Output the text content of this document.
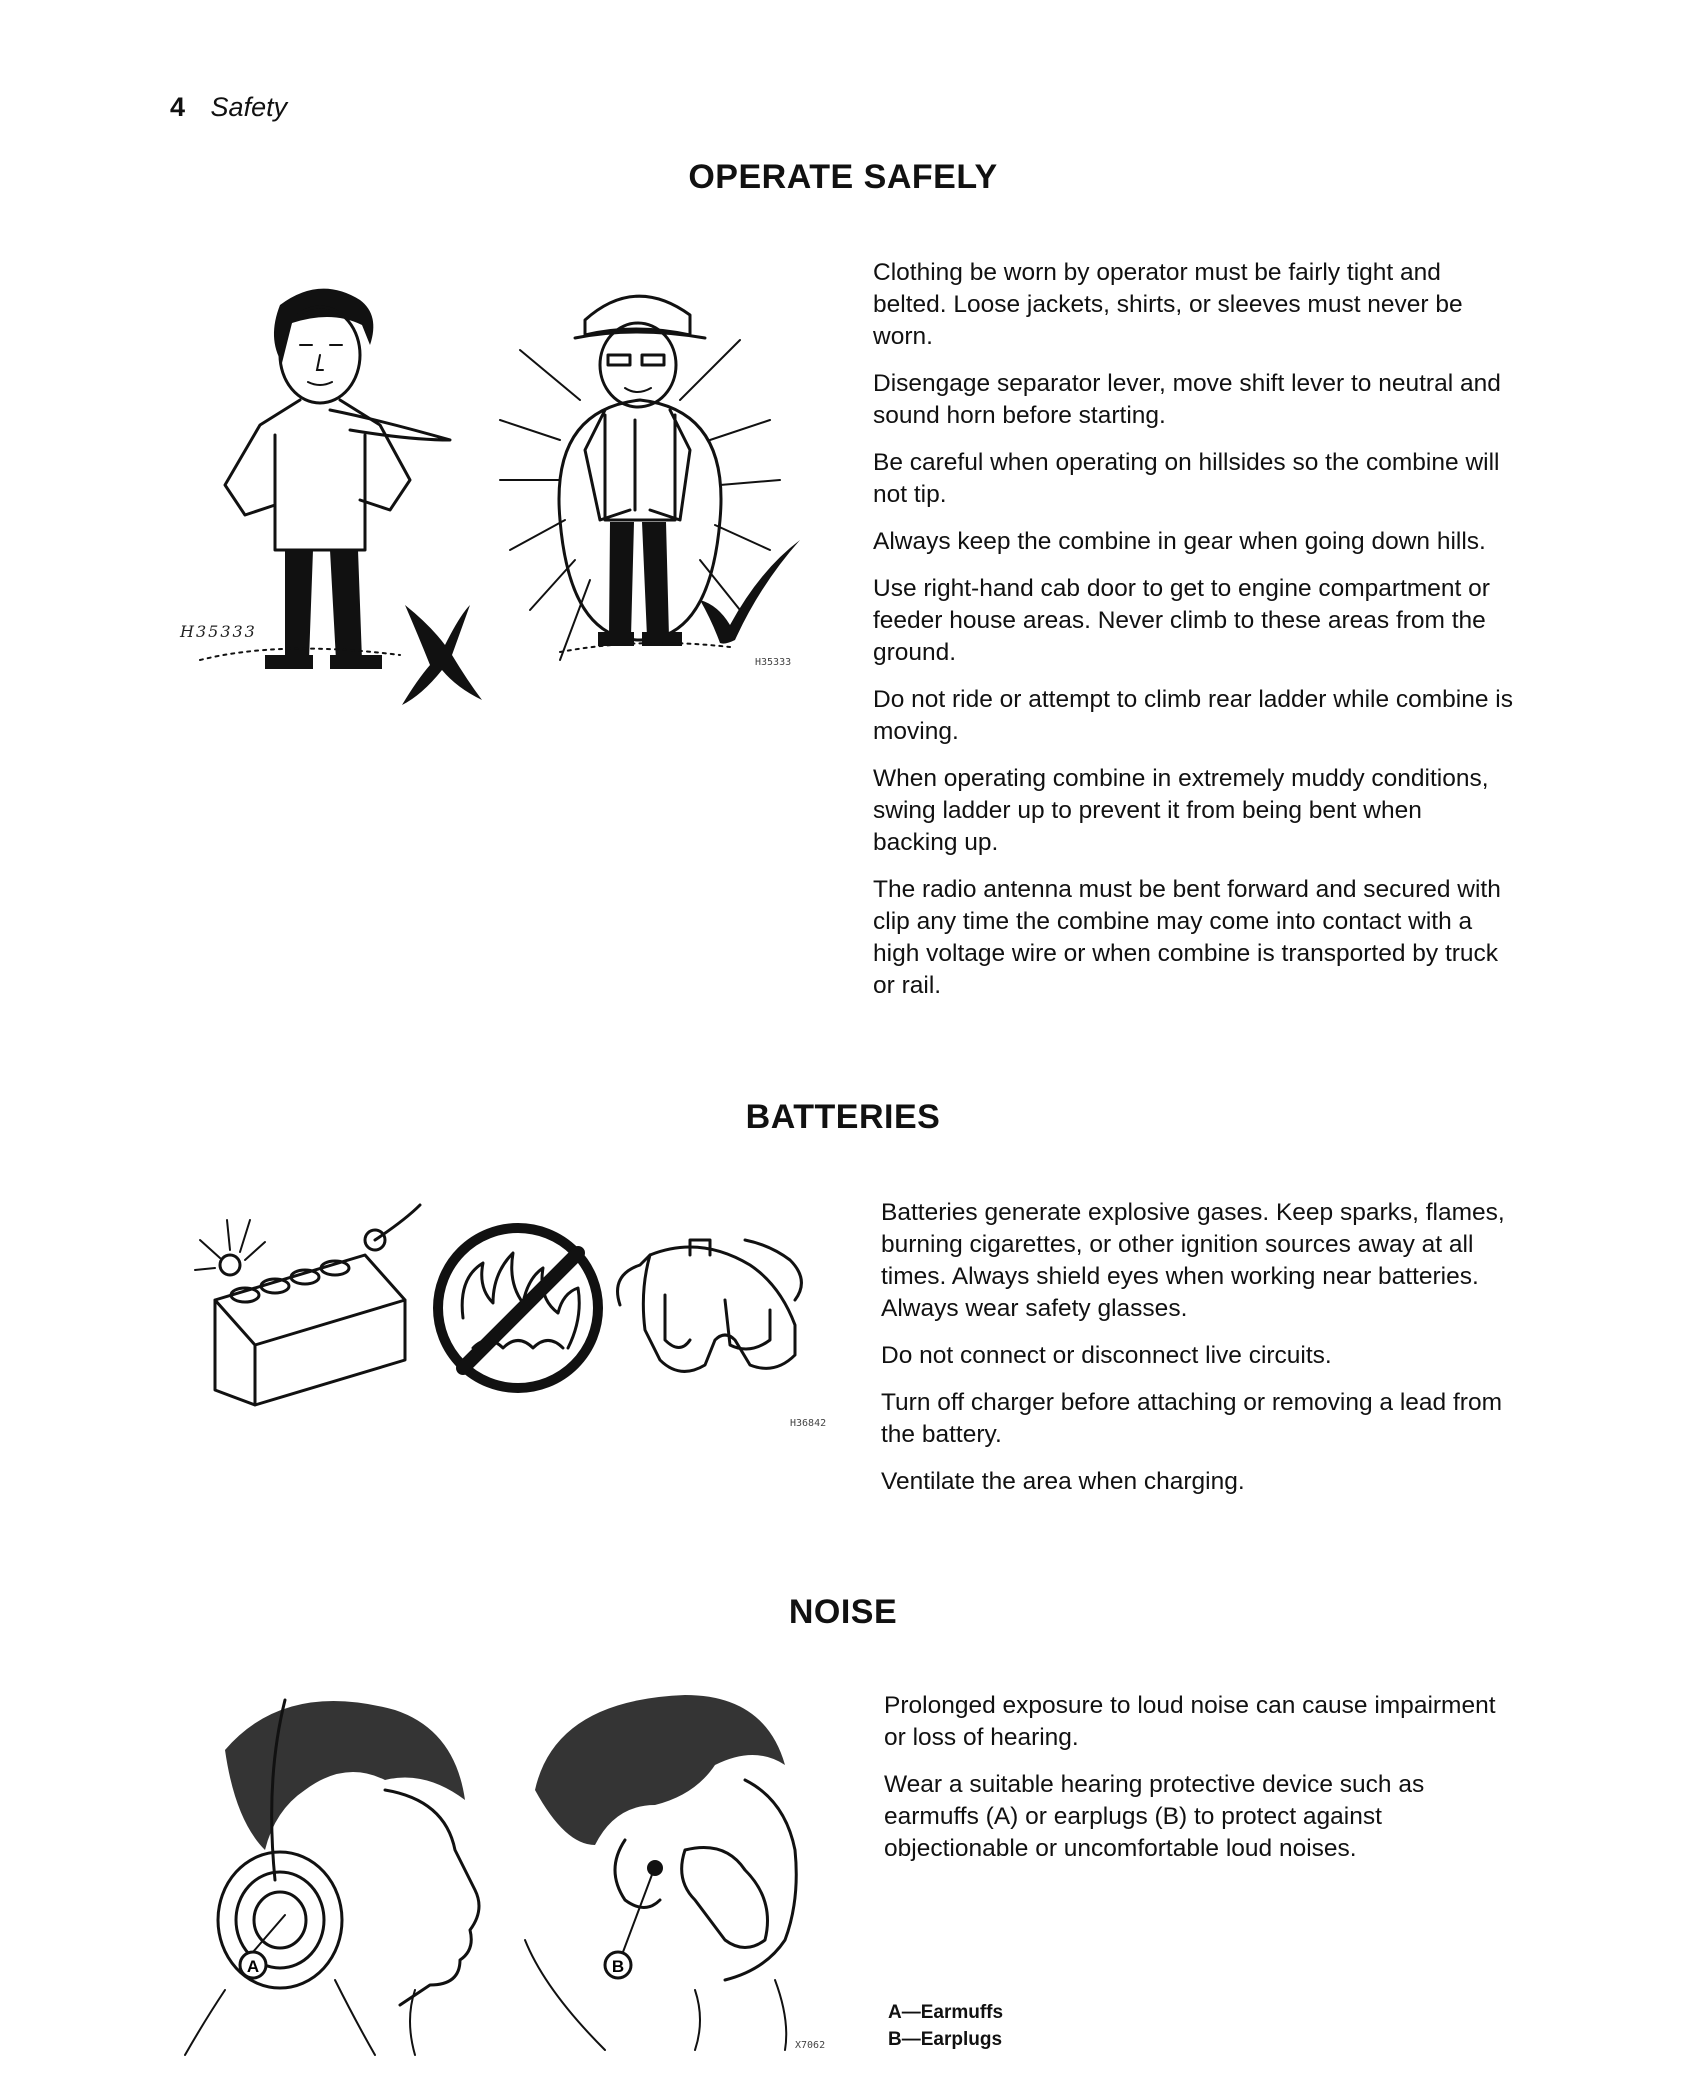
4 Safety
OPERATE SAFELY
H35333
H35333

Clothing be worn by operator must be fairly tight and belted. Loose jackets, shirts, or sleeves must never be worn.

Disengage separator lever, move shift lever to neutral and sound horn before starting.

Be careful when operating on hillsides so the combine will not tip.

Always keep the combine in gear when going down hills.

Use right-hand cab door to get to engine compartment or feeder house areas. Never climb to these areas from the ground.

Do not ride or attempt to climb rear ladder while combine is moving.

When operating combine in extremely muddy conditions, swing ladder up to prevent it from being bent when backing up.

The radio antenna must be bent forward and secured with clip any time the combine may come into contact with a high voltage wire or when combine is transported by truck or rail.

BATTERIES
H36842

Batteries generate explosive gases. Keep sparks, flames, burning cigarettes, or other ignition sources away at all times. Always shield eyes when working near batteries. Always wear safety glasses.

Do not connect or disconnect live circuits.

Turn off charger before attaching or removing a lead from the battery.

Ventilate the area when charging.

NOISE
A	B
X7062

Prolonged exposure to loud noise can cause impairment or loss of hearing.

Wear a suitable hearing protective device such as earmuffs (A) or earplugs (B) to protect against objectionable or uncomfortable loud noises.

A—Earmuffs
B—Earplugs
